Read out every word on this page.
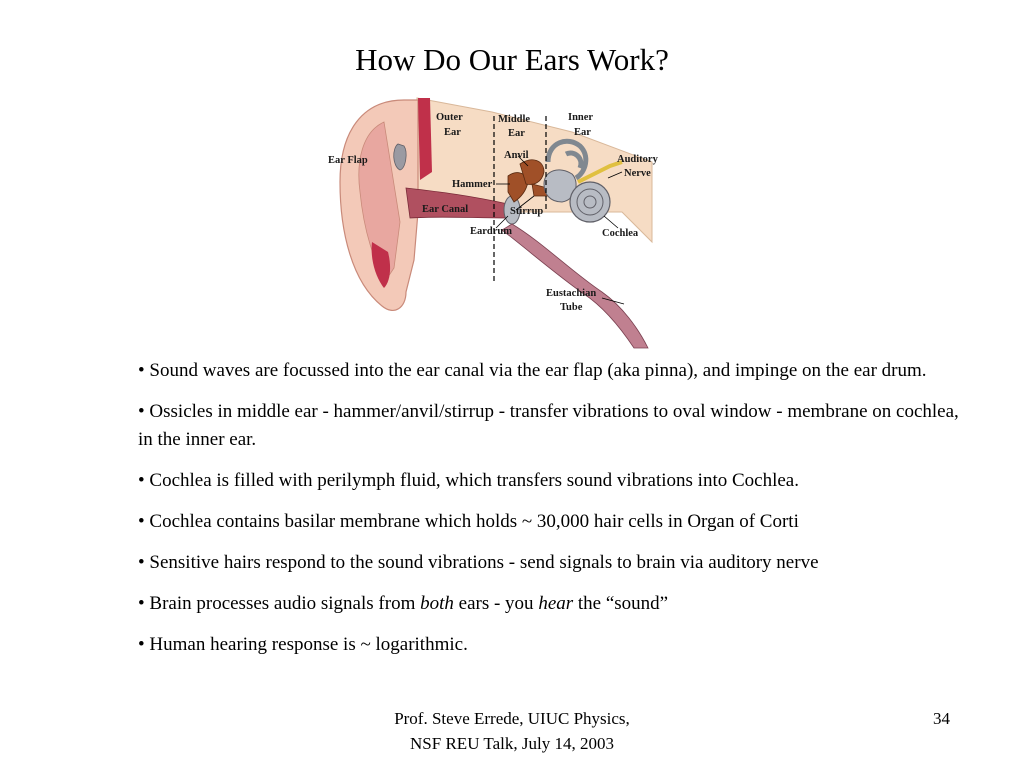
How Do Our Ears Work?
Outer
Ear
Middle
Ear
Inner
Ear
Ear Flap	Anvil	Auditory
Nerve
Hammer
Ear Canal	Stirrup
Eardrum	Cochlea
Eustachian
Tube
• Sound waves are focussed into the ear canal via the ear flap (aka pinna), and impinge on the ear drum.
• Ossicles in middle ear - hammer/anvil/stirrup - transfer vibrations to oval window - membrane on cochlea, in the inner ear.
• Cochlea is filled with perilymph fluid, which transfers sound vibrations into Cochlea.
• Cochlea contains basilar membrane which holds ~ 30,000 hair cells in Organ of Corti
• Sensitive hairs respond to the sound vibrations - send signals to brain via auditory nerve
• Brain processes audio signals from both ears - you hear the “sound”
• Human hearing response is ~ logarithmic.
Prof. Steve Errede, UIUC Physics,
NSF REU Talk, July 14, 2003
34
